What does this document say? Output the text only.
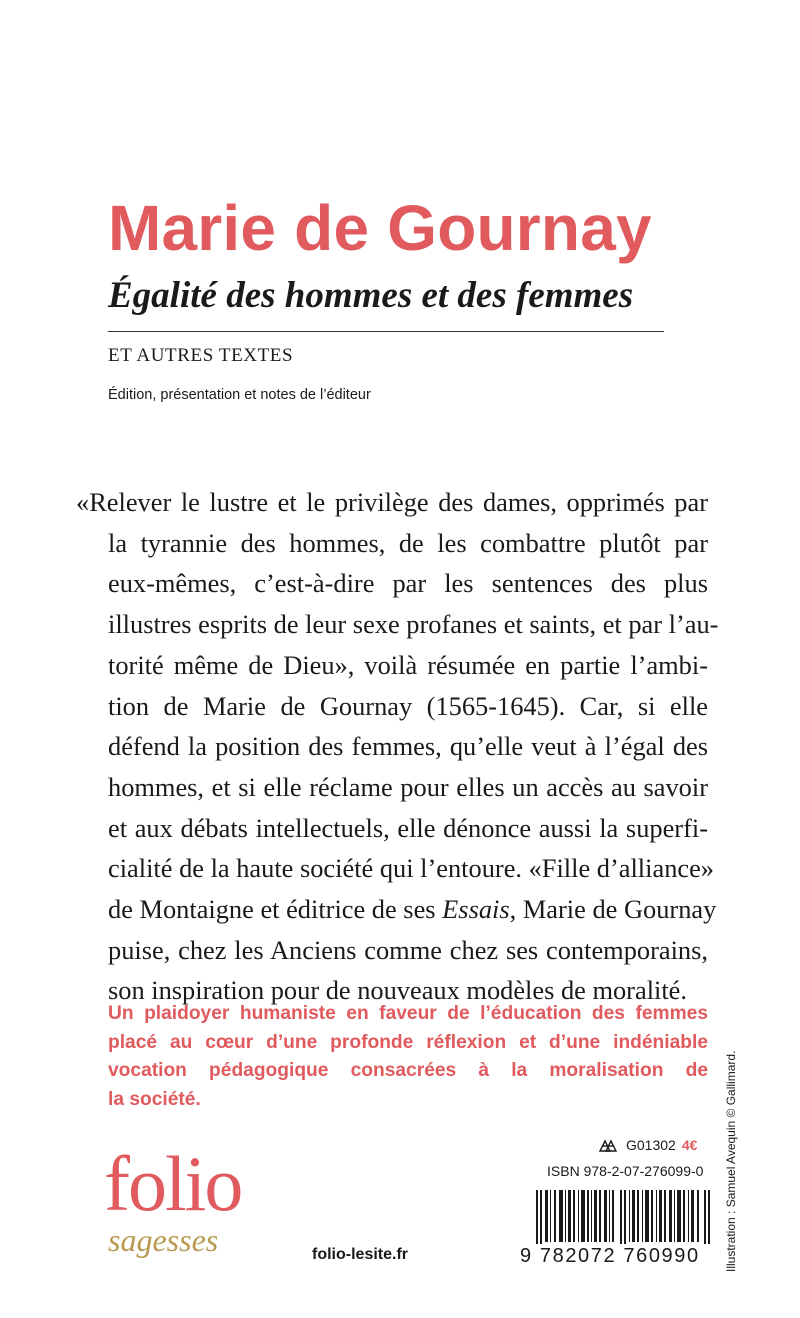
Marie de Gournay
Égalité des hommes et des femmes
ET AUTRES TEXTES
Édition, présentation et notes de l’éditeur
«Relever le lustre et le privilège des dames, opprimés par
la tyrannie des hommes, de les combattre plutôt par
eux-mêmes, c’est-à-dire par les sentences des plus
illustres esprits de leur sexe profanes et saints, et par l’au-
torité même de Dieu», voilà résumée en partie l’ambi-
tion de Marie de Gournay (1565-1645). Car, si elle
défend la position des femmes, qu’elle veut à l’égal des
hommes, et si elle réclame pour elles un accès au savoir
et aux débats intellectuels, elle dénonce aussi la superfi-
cialité de la haute société qui l’entoure. «Fille d’alliance»
de Montaigne et éditrice de ses Essais, Marie de Gournay
puise, chez les Anciens comme chez ses contemporains,
son inspiration pour de nouveaux modèles de moralité.
Un plaidoyer humaniste en faveur de l’éducation des femmes
placé au cœur d’une profonde réflexion et d’une indéniable
vocation pédagogique consacrées à la moralisation de
la société.	Illustration : Samuel Avequin © Gallimard.
G01302 4€
ISBN 978-2-07-276099-0
9 782072 760990
folio
sagesses	folio-lesite.fr
